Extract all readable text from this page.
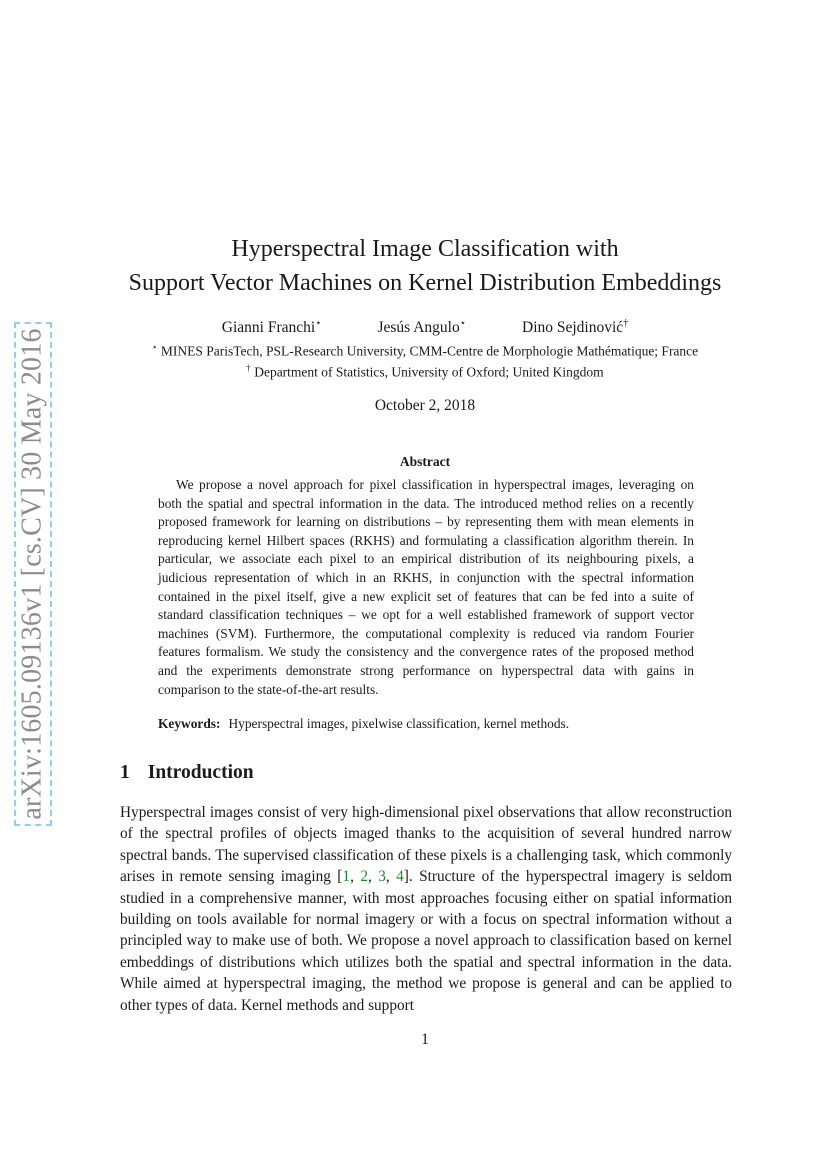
arXiv:1605.09136v1 [cs.CV] 30 May 2016
Hyperspectral Image Classification with
Support Vector Machines on Kernel Distribution Embeddings
Gianni Franchi⋆	Jesús Angulo⋆	Dino Sejdinović†
⋆ MINES ParisTech, PSL-Research University, CMM-Centre de Morphologie Mathématique; France
† Department of Statistics, University of Oxford; United Kingdom
October 2, 2018
Abstract

We propose a novel approach for pixel classification in hyperspectral images, leveraging on both the spatial and spectral information in the data. The introduced method relies on a recently proposed framework for learning on distributions – by representing them with mean elements in reproducing kernel Hilbert spaces (RKHS) and formulating a classification algorithm therein. In particular, we associate each pixel to an empirical distribution of its neighbouring pixels, a judicious representation of which in an RKHS, in conjunction with the spectral information contained in the pixel itself, give a new explicit set of features that can be fed into a suite of standard classification techniques – we opt for a well established framework of support vector machines (SVM). Furthermore, the computational complexity is reduced via random Fourier features formalism. We study the consistency and the convergence rates of the proposed method and the experiments demonstrate strong performance on hyperspectral data with gains in comparison to the state-of-the-art results.

Keywords: Hyperspectral images, pixelwise classification, kernel methods.

1 Introduction

Hyperspectral images consist of very high-dimensional pixel observations that allow reconstruction of the spectral profiles of objects imaged thanks to the acquisition of several hundred narrow spectral bands. The supervised classification of these pixels is a challenging task, which commonly arises in remote sensing imaging [1, 2, 3, 4]. Structure of the hyperspectral imagery is seldom studied in a comprehensive manner, with most approaches focusing either on spatial information building on tools available for normal imagery or with a focus on spectral information without a principled way to make use of both. We propose a novel approach to classification based on kernel embeddings of distributions which utilizes both the spatial and spectral information in the data. While aimed at hyperspectral imaging, the method we propose is general and can be applied to other types of data. Kernel methods and support

1
